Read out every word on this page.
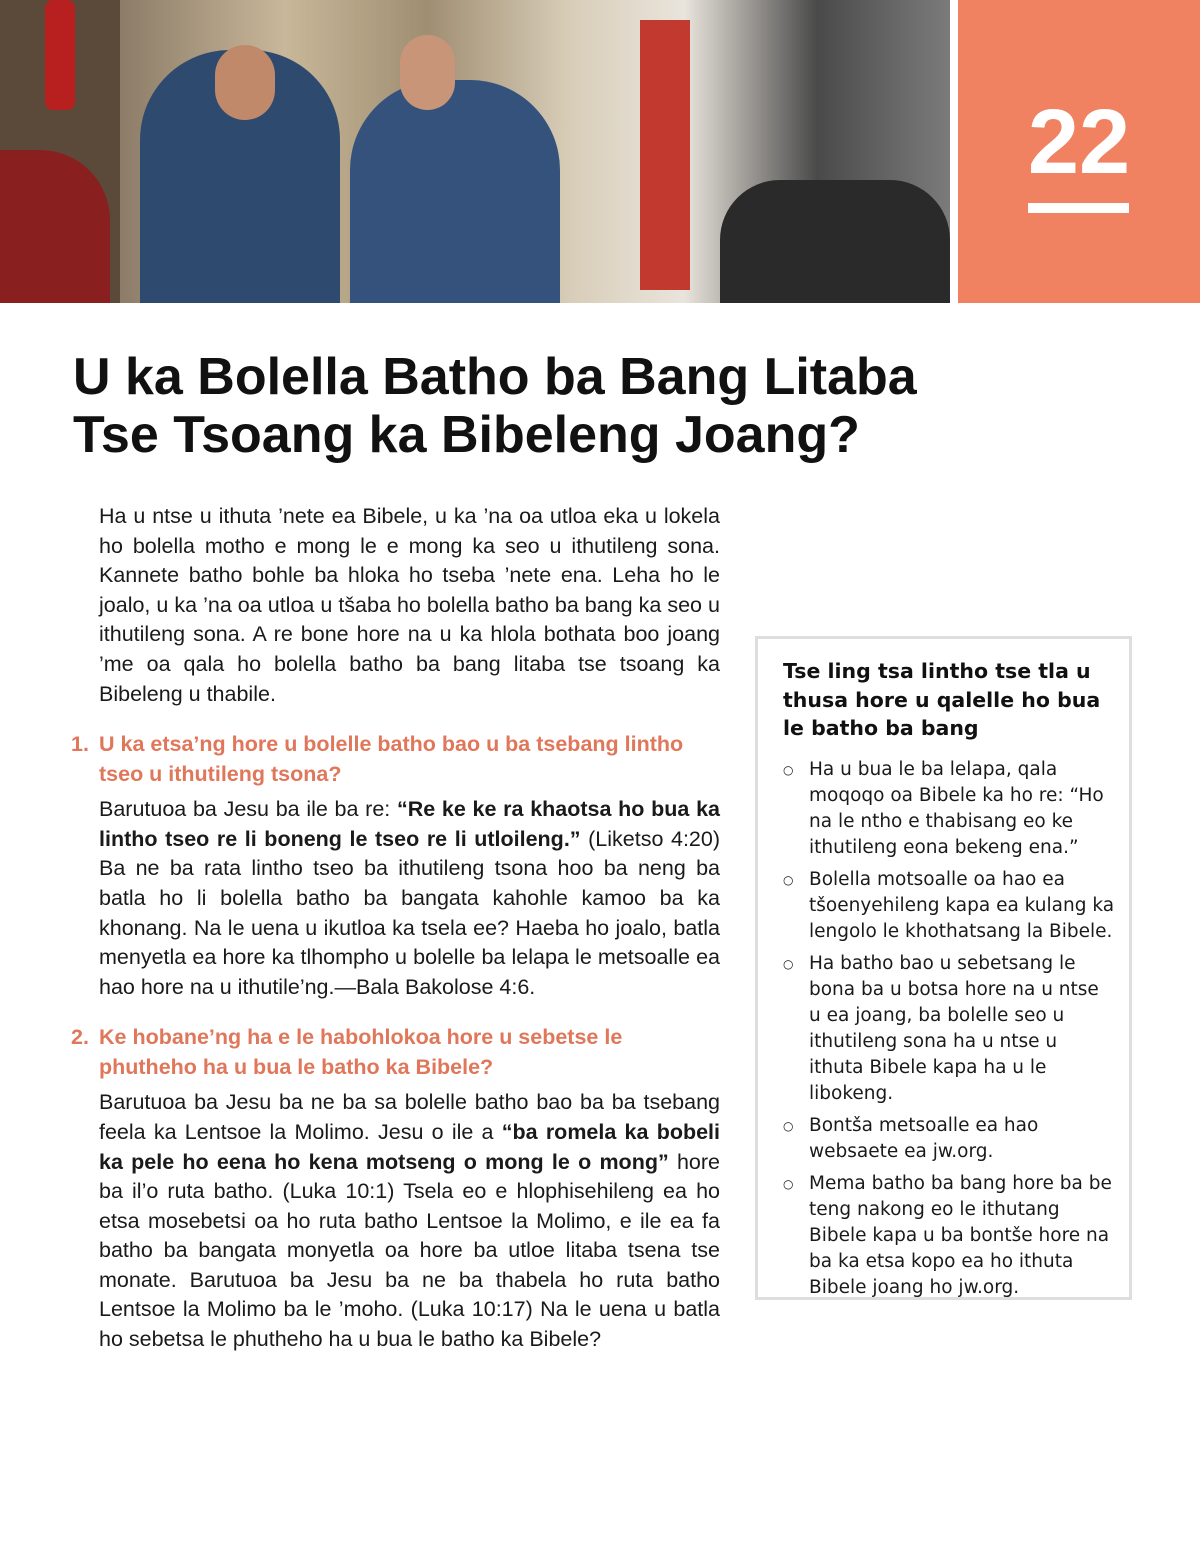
22
U ka Bolella Batho ba Bang Litaba Tse Tsoang ka Bibeleng Joang?

Ha u ntse u ithuta ’nete ea Bibele, u ka ’na oa utloa eka u lokela ho bolella motho e mong le e mong ka seo u ithutileng sona. Kannete batho bohle ba hloka ho tseba ’nete ena. Leha ho le joalo, u ka ’na oa utloa u tšaba ho bolella batho ba bang ka seo u ithutileng sona. A re bone hore na u ka hlola bothata boo joang ’me oa qala ho bolella batho ba bang litaba tse tsoang ka Bibeleng u thabile.

1. U ka etsa’ng hore u bolelle batho bao u ba tsebang lintho tseo u ithutileng tsona?

Barutuoa ba Jesu ba ile ba re: “Re ke ke ra khaotsa ho bua ka lintho tseo re li boneng le tseo re li utloileng.” (Liketso 4:20) Ba ne ba rata lintho tseo ba ithutileng tsona hoo ba neng ba batla ho li bolella batho ba bangata kahohle kamoo ba ka khonang. Na le uena u ikutloa ka tsela ee? Haeba ho joalo, batla menyetla ea hore ka tlhompho u bolelle ba lelapa le metsoalle ea hao hore na u ithutile’ng.—Bala Bakolose 4:6.

2. Ke hobane’ng ha e le habohlokoa hore u sebetse le phutheho ha u bua le batho ka Bibele?

Barutuoa ba Jesu ba ne ba sa bolelle batho bao ba ba tsebang feela ka Lentsoe la Molimo. Jesu o ile a “ba romela ka bobeli ka pele ho eena ho kena motseng o mong le o mong” hore ba il’o ruta batho. (Luka 10:1) Tsela eo e hlophisehileng ea ho etsa mosebetsi oa ho ruta batho Lentsoe la Molimo, e ile ea fa batho ba bangata monyetla oa hore ba utloe litaba tsena tse monate. Barutuoa ba Jesu ba ne ba thabela ho ruta batho Lentsoe la Molimo ba le ’moho. (Luka 10:17) Na le uena u batla ho sebetsa le phutheho ha u bua le batho ka Bibele?

Tse ling tsa lintho tse tla u thusa hore u qalelle ho bua le batho ba bang
○ Ha u bua le ba lelapa, qala moqoqo oa Bibele ka ho re: “Ho na le ntho e thabisang eo ke ithutileng eona bekeng ena.”
○ Bolella motsoalle oa hao ea tšoenyehileng kapa ea kulang ka lengolo le khothatsang la Bibele.
○ Ha batho bao u sebetsang le bona ba u botsa hore na u ntse u ea joang, ba bolelle seo u ithutileng sona ha u ntse u ithuta Bibele kapa ha u le libokeng.
○ Bontša metsoalle ea hao websaete ea jw.org.
○ Mema batho ba bang hore ba be teng nakong eo le ithutang Bibele kapa u ba bontše hore na ba ka etsa kopo ea ho ithuta Bibele joang ho jw.org.
